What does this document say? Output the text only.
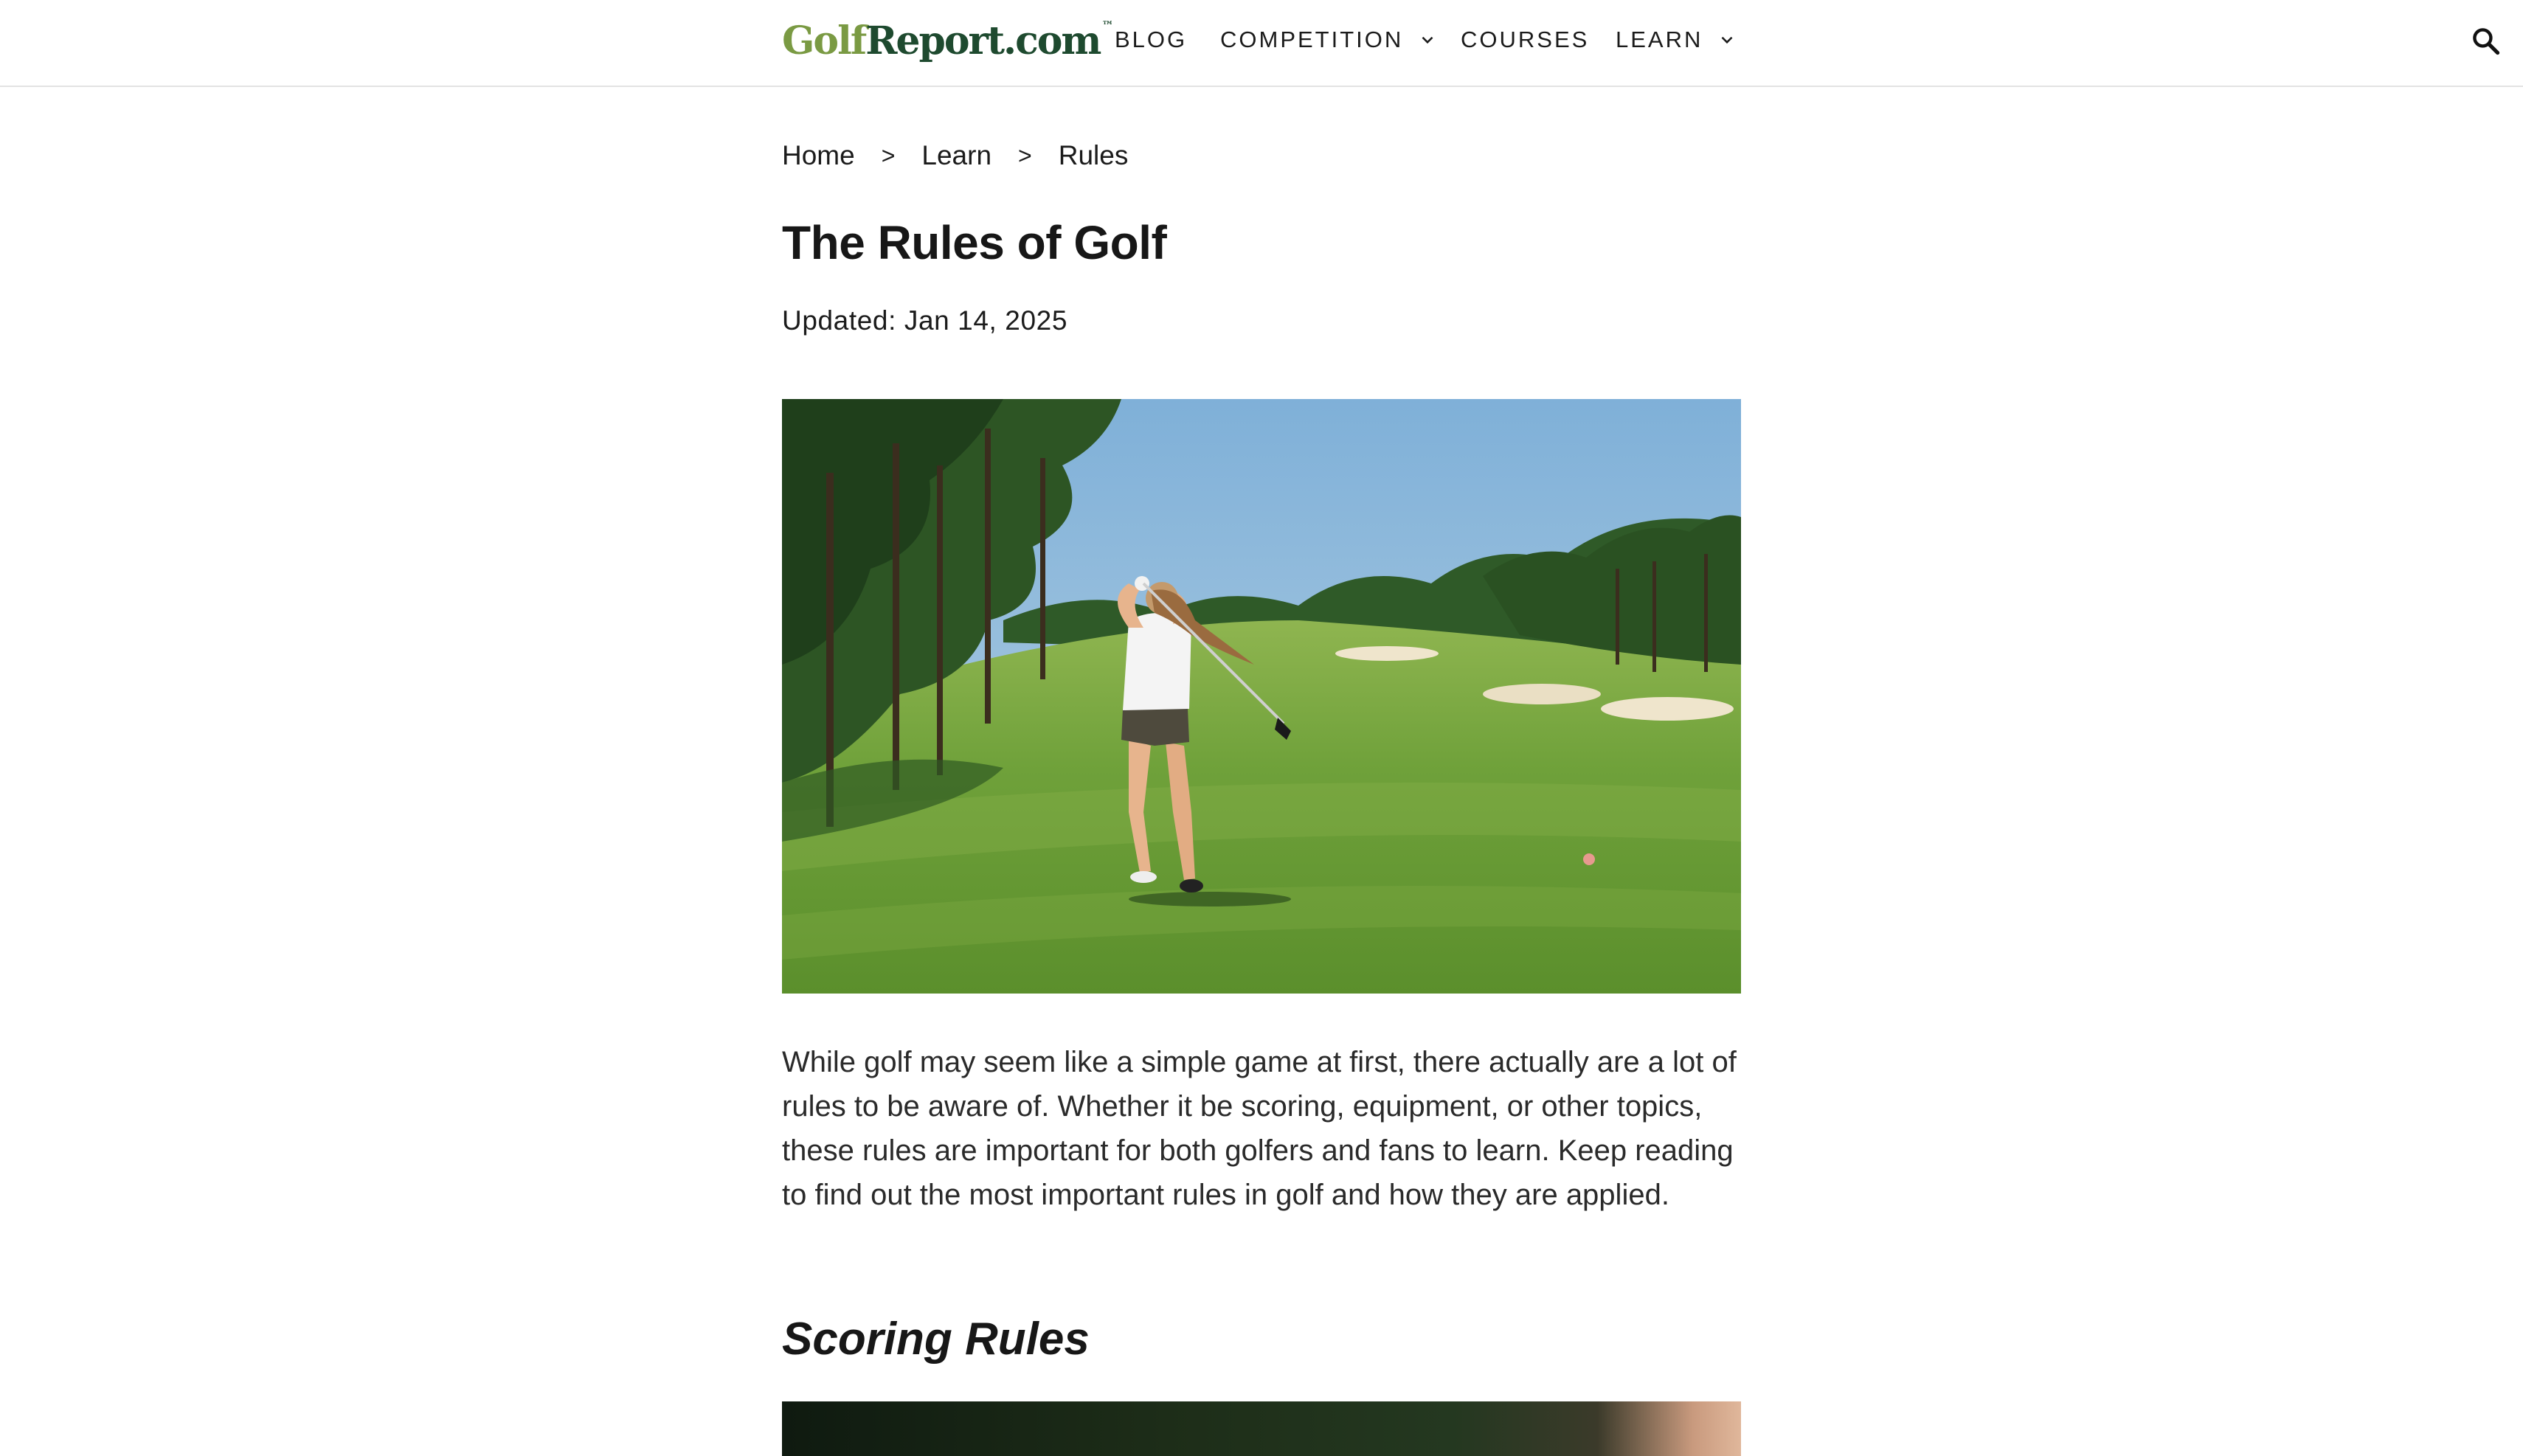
Golf Report.com ™
BLOG COMPETITION	COURSES LEARN
Home > Learn > Rules
The Rules of Golf
Updated: Jan 14, 2025

While golf may seem like a simple game at first, there actually are a lot of rules to be aware of. Whether it be scoring, equipment, or other topics, these rules are important for both golfers and fans to learn. Keep reading to find out the most important rules in golf and how they are applied.

Scoring Rules
